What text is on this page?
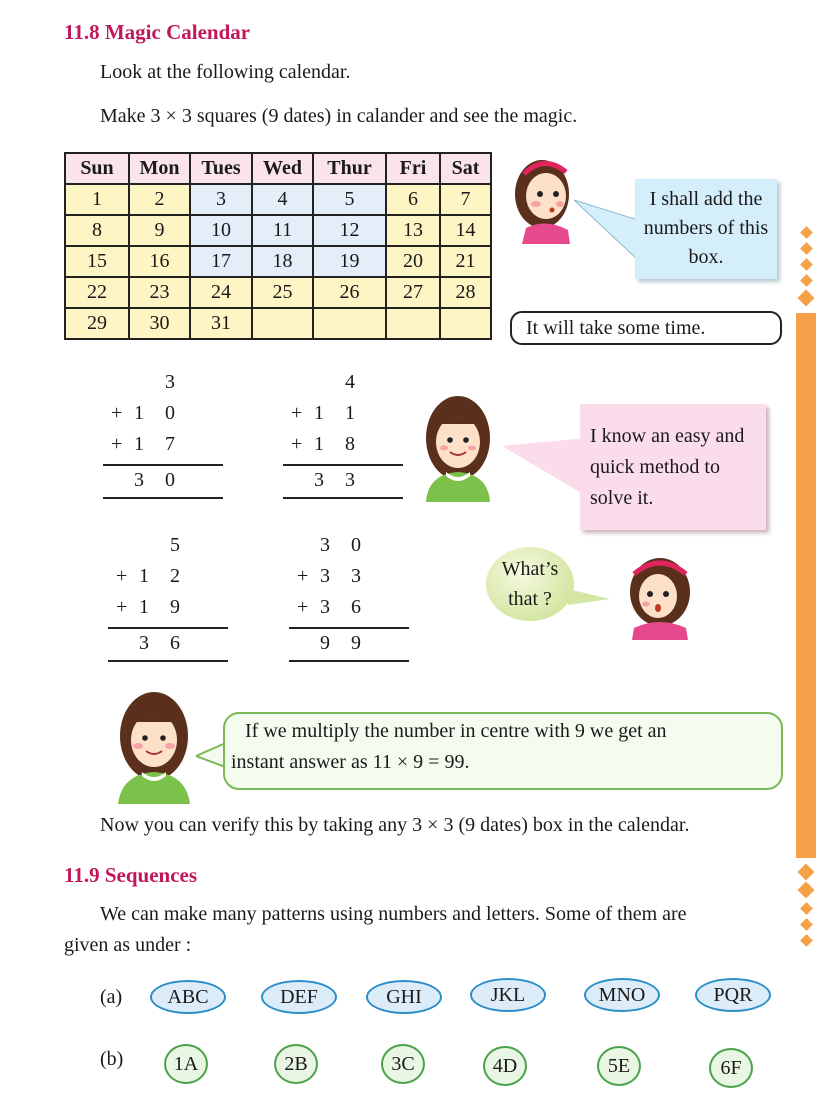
11.8 Magic Calendar
Look at the following calendar.
Make 3 × 3 squares (9 dates) in calander and see the magic.
Sun	Mon	Tues	Wed	Thur	Fri	Sat
1	2	3	4	5	6	7
8	9	10	11	12	13	14
15	16	17	18	19	20	21
22	23	24	25	26	27	28
29	30	31				
I shall add the numbers of this box.
It will take some time.
3
+ 1 0
+ 1 7
3 0
4
+ 1 1
+ 1 8
3 3
5
+ 1 2
+ 1 9
3 6
3 0
+ 3 3
+ 3 6
9 9
I know an easy and quick method to solve it.
What’s that ?
If we multiply the number in centre with 9 we get an
instant answer as 11 × 9 = 99.
Now you can verify this by taking any 3 × 3 (9 dates) box in the calendar.
11.9 Sequences
We can make many patterns using numbers and letters. Some of them are
given as under :
(a)	ABC	DEF	GHI	JKL	MNO	PQR
(b)	1A	2B	3C	4D	5E	6F
